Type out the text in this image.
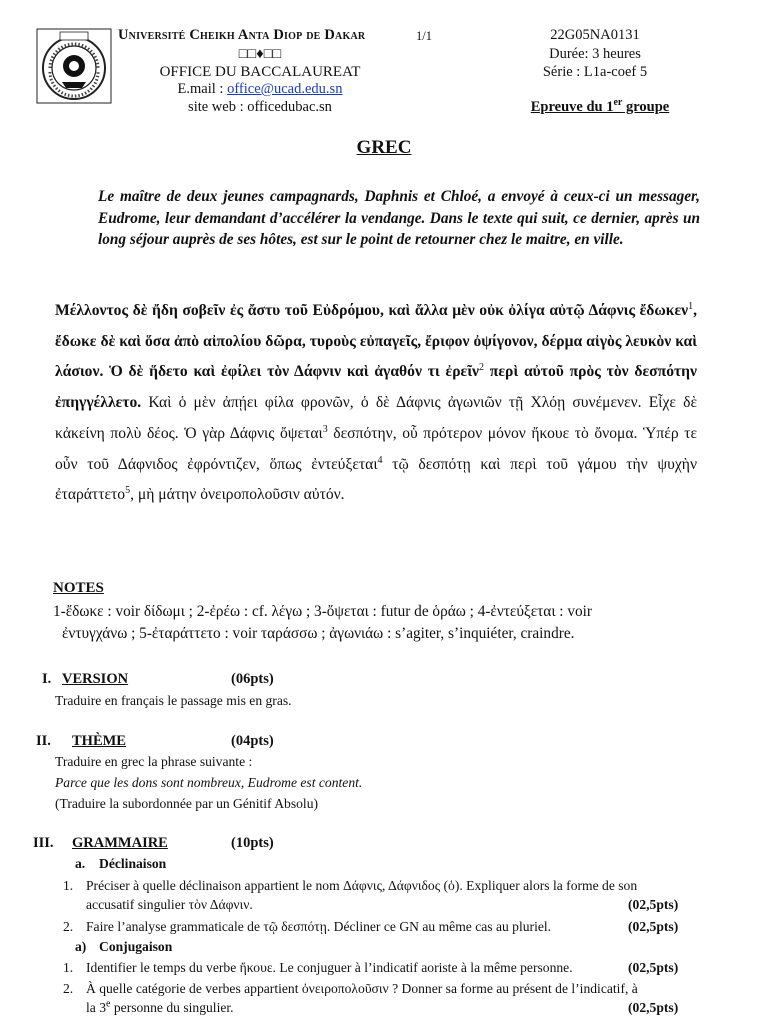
Université Cheikh Anta Diop de Dakar	1/1
□□♦□□
OFFICE DU BACCALAUREAT
E.mail : office@ucad.edu.sn
site web : officedubac.sn
22G05NA0131
Durée: 3 heures
Série : L1a-coef 5
Epreuve du 1er groupe
GREC
Le maître de deux jeunes campagnards, Daphnis et Chloé, a envoyé à ceux-ci un messager, Eudrome, leur demandant d’accélérer la vendange. Dans le texte qui suit, ce dernier, après un long séjour auprès de ses hôtes, est sur le point de retourner chez le maitre, en ville.
Μέλλοντος δὲ ἤδη σοβεῖν ἐς ἄστυ τοῦ Εὐδρόμου, καὶ ἄλλα μὲν οὐκ ὀλίγα αὐτῷ Δάφνις ἔδωκεν$^1$, ἔδωκε δὲ καὶ ὅσα ἀπὸ αἰπολίου δῶρα, τυροὺς εὐπαγεῖς, ἔριφον ὀψίγονον, δέρμα αἰγὸς λευκὸν καὶ λάσιον. Ὁ δὲ ἥδετο καὶ ἐφίλει τὸν Δάφνιν καὶ ἀγαθόν τι ἐρεῖν$^2$ περὶ αὐτοῦ πρὸς τὸν δεσπότην ἐπηγγέλλετο. Καὶ ὁ μὲν ἀπῄει φίλα φρονῶν, ὁ δὲ Δάφνις ἀγωνιῶν τῇ Χλόῃ συνέμενεν. Εἶχε δὲ κἀκείνη πολὺ δέος. Ὁ γὰρ Δάφνις ὄψεται$^3$ δεσπότην, οὗ πρότερον μόνον ἤκουε τὸ ὄνομα. Ὑπέρ τε οὖν τοῦ Δάφνιδος ἐφρόντιζεν, ὅπως ἐντεύξεται$^4$ τῷ δεσπότῃ καὶ περὶ τοῦ γάμου τὴν ψυχὴν ἐταράττετο$^5$, μὴ μάτην ὀνειροπολοῦσιν αὐτόν.
NOTES
1-ἔδωκε : voir δίδωμι ; 2-ἐρέω : cf. λέγω ; 3-ὄψεται : futur de ὁράω ; 4-ἐντεύξεται : voir
ἐντυγχάνω ; 5-ἐταράττετο : voir ταράσσω ; ἀγωνιάω : s’agiter, s’inquiéter, craindre.
I. VERSION	(06pts)
Traduire en français le passage mis en gras.
II. THÈME	(04pts)
Traduire en grec la phrase suivante :
Parce que les dons sont nombreux, Eudrome est content.
(Traduire la subordonnée par un Génitif Absolu)
III. GRAMMAIRE	(10pts)
a. Déclinaison
1. Préciser à quelle déclinaison appartient le nom Δάφνις, Δάφνιδος (ὁ). Expliquer alors la forme de son
accusatif singulier τὸν Δάφνιν.	(02,5pts)
2. Faire l’analyse grammaticale de τῷ δεσπότῃ. Décliner ce GN au même cas au pluriel.	(02,5pts)
a) Conjugaison
1. Identifier le temps du verbe ἤκουε. Le conjuguer à l’indicatif aoriste à la même personne.	(02,5pts)
2. À quelle catégorie de verbes appartient ὀνειροπολοῦσιν ? Donner sa forme au présent de l’indicatif, à
la 3e personne du singulier.	(02,5pts)
